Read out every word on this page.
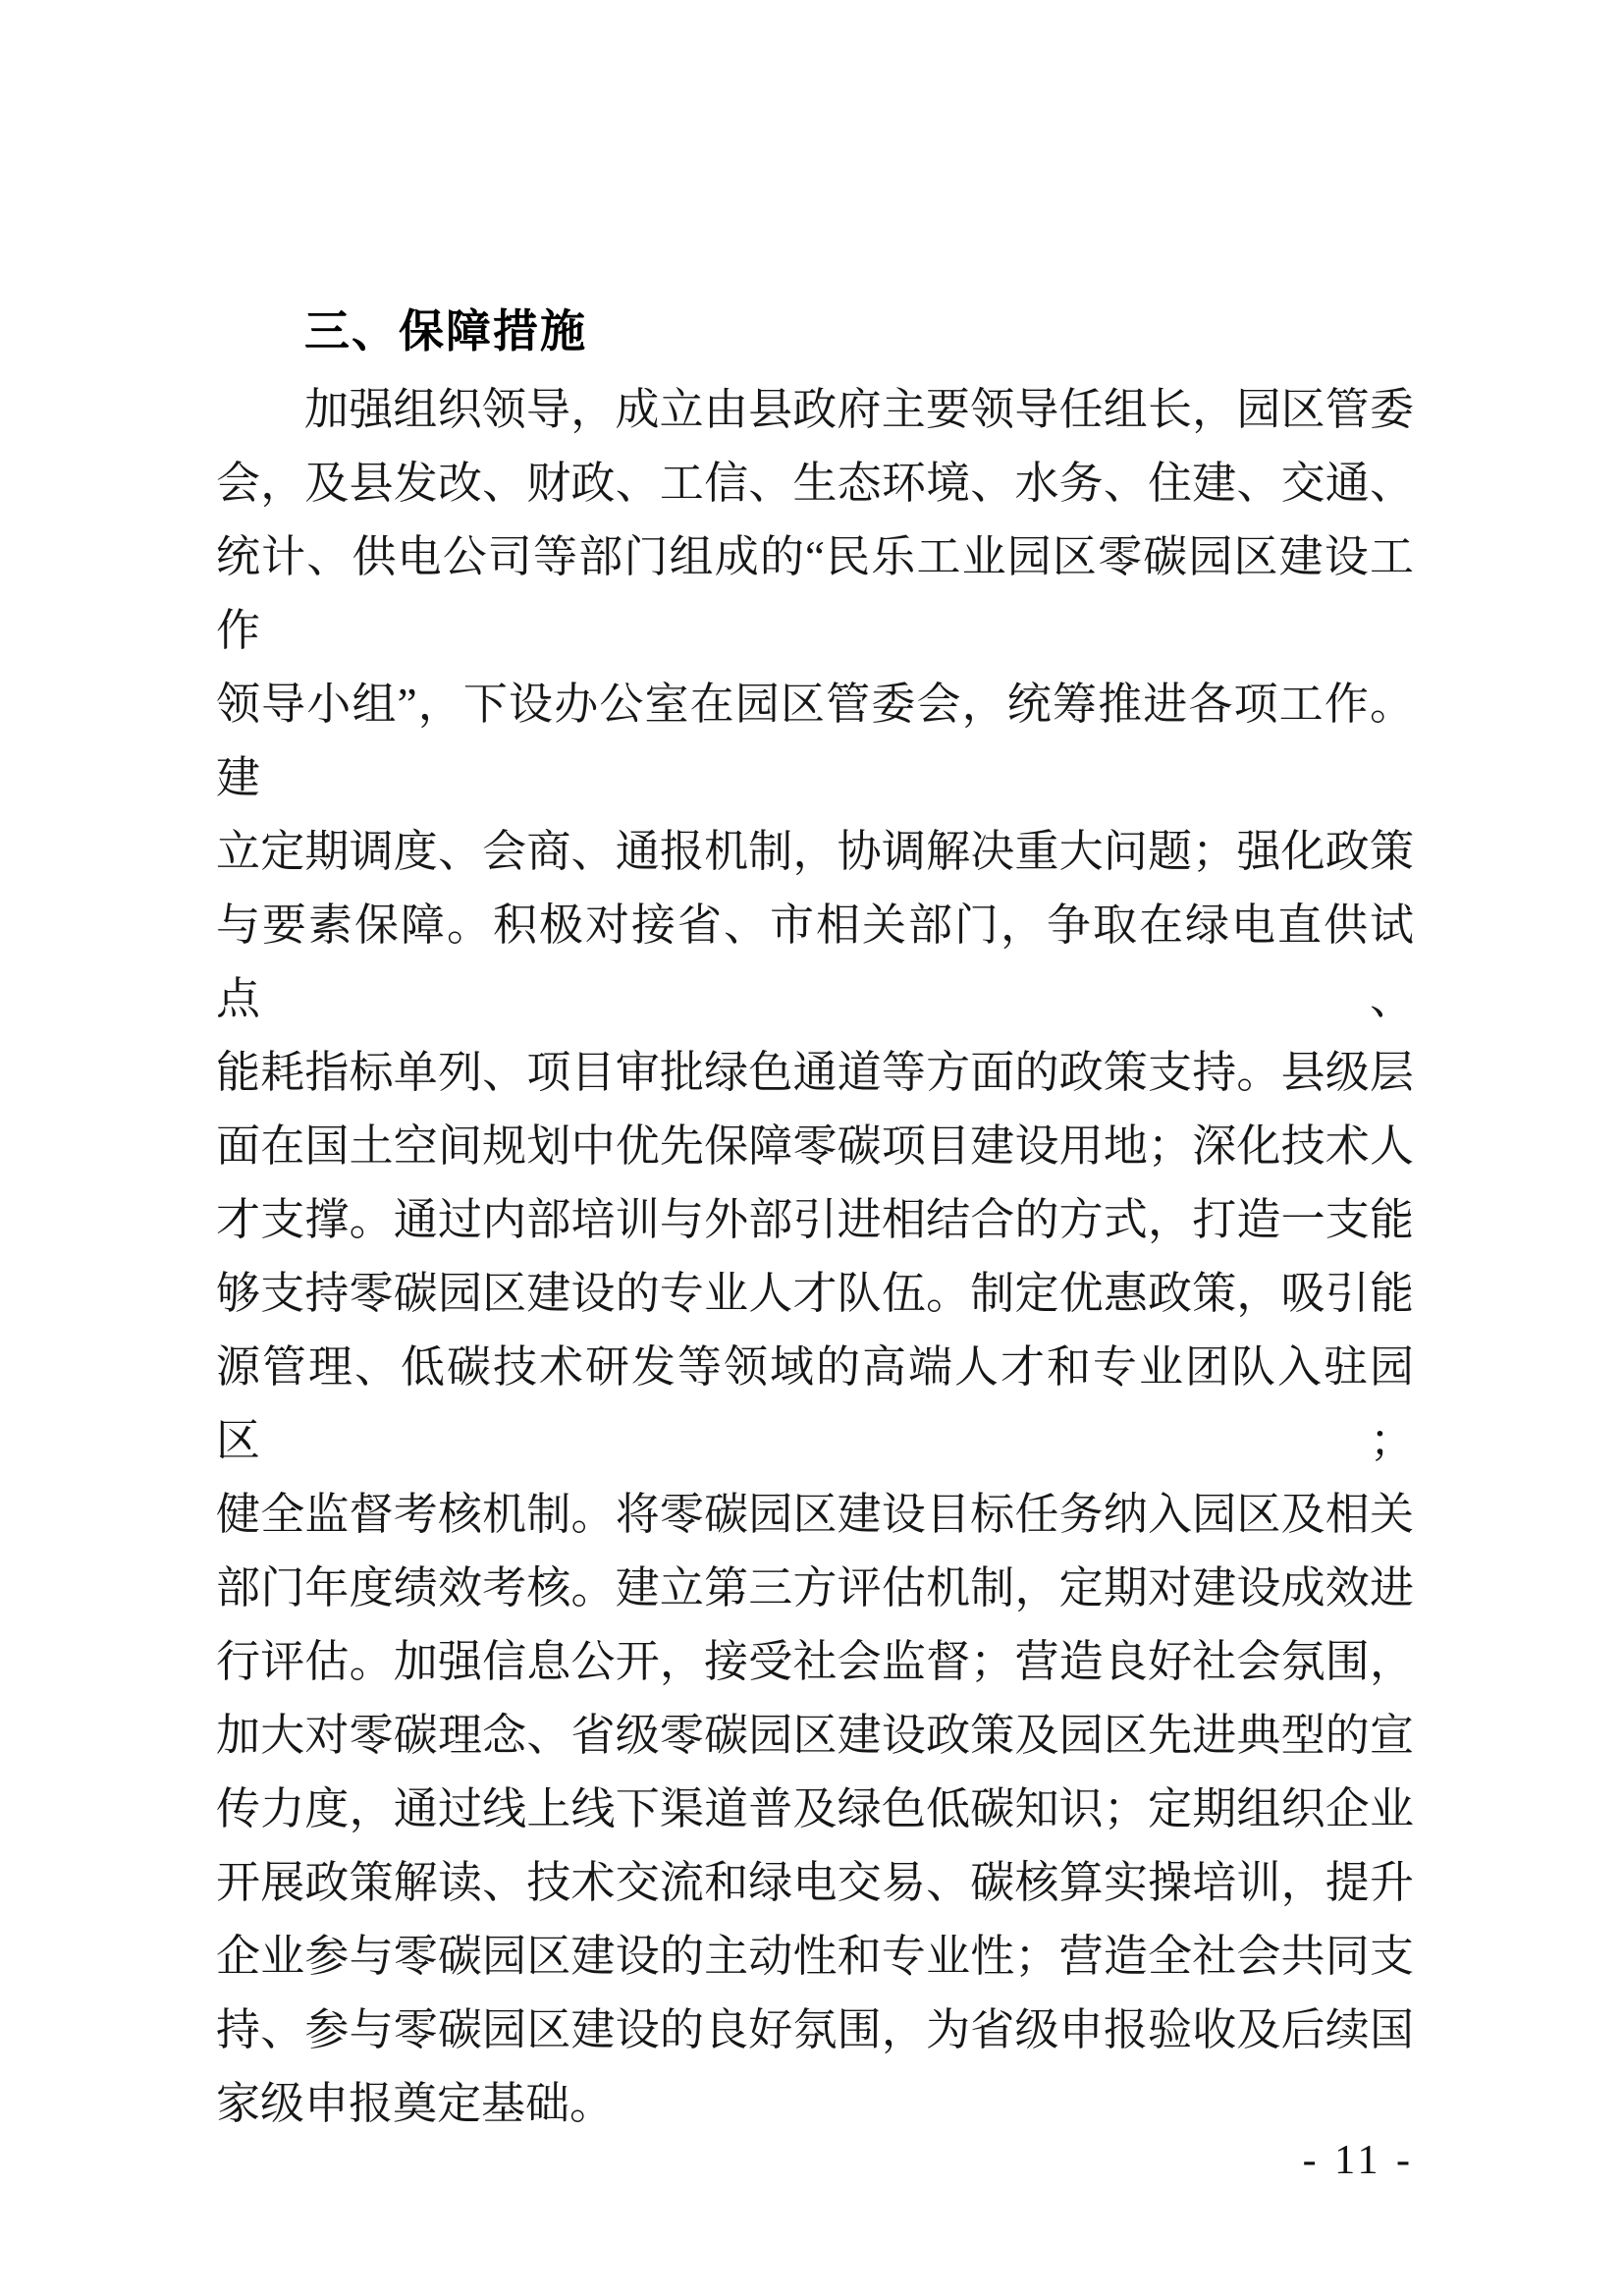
三、保障措施
加强组织领导，成立由县政府主要领导任组长，园区管委
会，及县发改、财政、工信、生态环境、水务、住建、交通、
统计、供电公司等部门组成的“民乐工业园区零碳园区建设工作
领导小组”，下设办公室在园区管委会，统筹推进各项工作。建
立定期调度、会商、通报机制，协调解决重大问题；强化政策
与要素保障。积极对接省、市相关部门，争取在绿电直供试点、
能耗指标单列、项目审批绿色通道等方面的政策支持。县级层
面在国土空间规划中优先保障零碳项目建设用地；深化技术人
才支撑。通过内部培训与外部引进相结合的方式，打造一支能
够支持零碳园区建设的专业人才队伍。制定优惠政策，吸引能
源管理、低碳技术研发等领域的高端人才和专业团队入驻园区；
健全监督考核机制。将零碳园区建设目标任务纳入园区及相关
部门年度绩效考核。建立第三方评估机制，定期对建设成效进
行评估。加强信息公开，接受社会监督；营造良好社会氛围，
加大对零碳理念、省级零碳园区建设政策及园区先进典型的宣
传力度，通过线上线下渠道普及绿色低碳知识；定期组织企业
开展政策解读、技术交流和绿电交易、碳核算实操培训，提升
企业参与零碳园区建设的主动性和专业性；营造全社会共同支
持、参与零碳园区建设的良好氛围，为省级申报验收及后续国
家级申报奠定基础。
- 11 -
